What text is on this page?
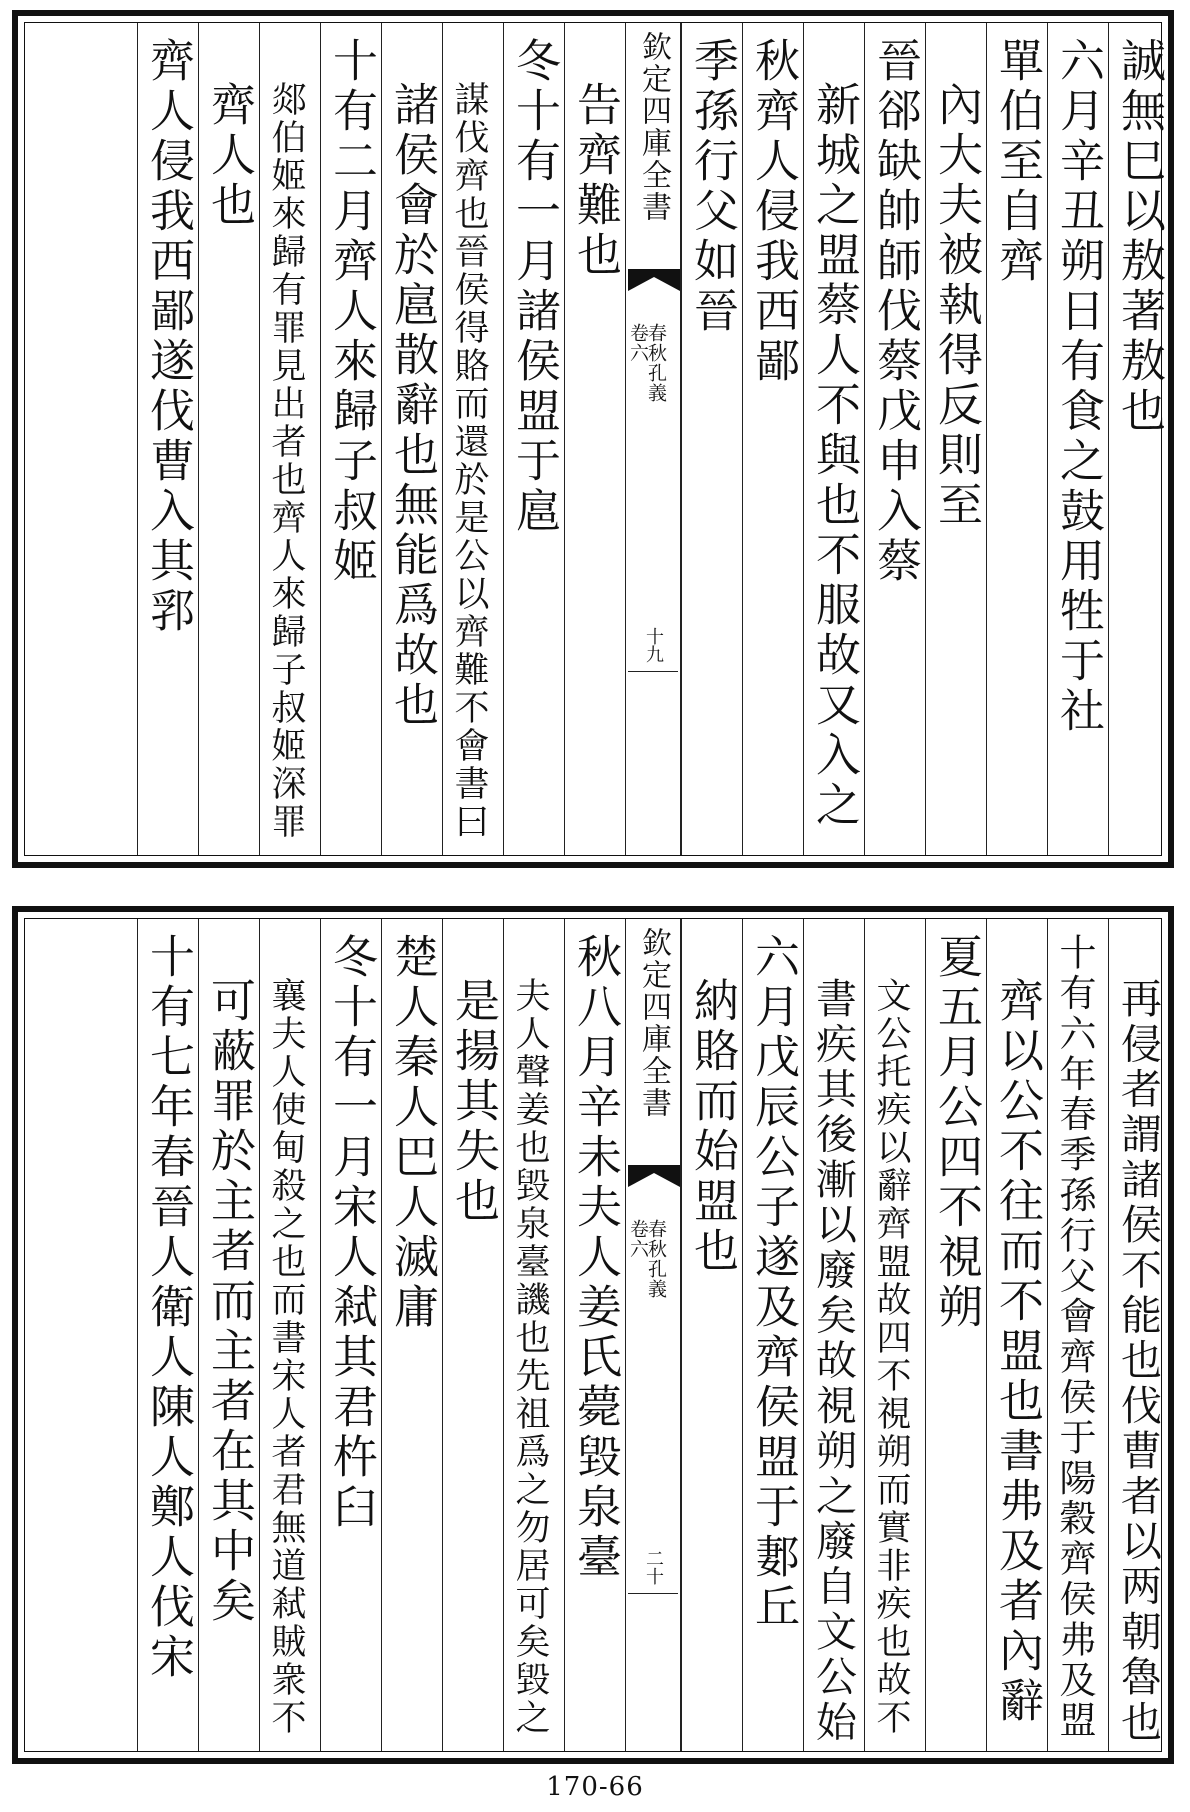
誠無巳以敖著敖也
六月辛丑朔日有食之鼓用牲于社
單伯至自齊
內大夫被執得反則至
晉郤缺帥師伐蔡戊申入蔡
新城之盟蔡人不與也不服故又入之
秋齊人侵我西鄙
季孫行父如晉
欽定四庫全書
春秋孔義
卷六
十九
告齊難也
冬十有一月諸侯盟于扈
謀伐齊也晉侯得賂而還於是公以齊難不會書曰
諸侯會於扈散辭也無能爲故也
十有二月齊人來歸子叔姬
郯伯姬來歸有罪見出者也齊人來歸子叔姬深罪
齊人也
齊人侵我西鄙遂伐曹入其郛
再侵者謂諸侯不能也伐曹者以两朝魯也
十有六年春季孫行父會齊侯于陽穀齊侯弗及盟
齊以公不往而不盟也書弗及者內辭
夏五月公四不視朔
文公托疾以辭齊盟故四不視朔而實非疾也故不
書疾其後漸以廢矣故視朔之廢自文公始
六月戊辰公子遂及齊侯盟于郪丘
納賂而始盟也
欽定四庫全書
春秋孔義
卷六
二十
秋八月辛未夫人姜氏薨毀泉臺
夫人聲姜也毀泉臺譏也先祖爲之勿居可矣毀之
是揚其失也
楚人秦人巴人滅庸
冬十有一月宋人弒其君杵臼
襄夫人使甸殺之也而書宋人者君無道弒賊衆不
可蔽罪於主者而主者在其中矣
十有七年春晉人衛人陳人鄭人伐宋
170-66
